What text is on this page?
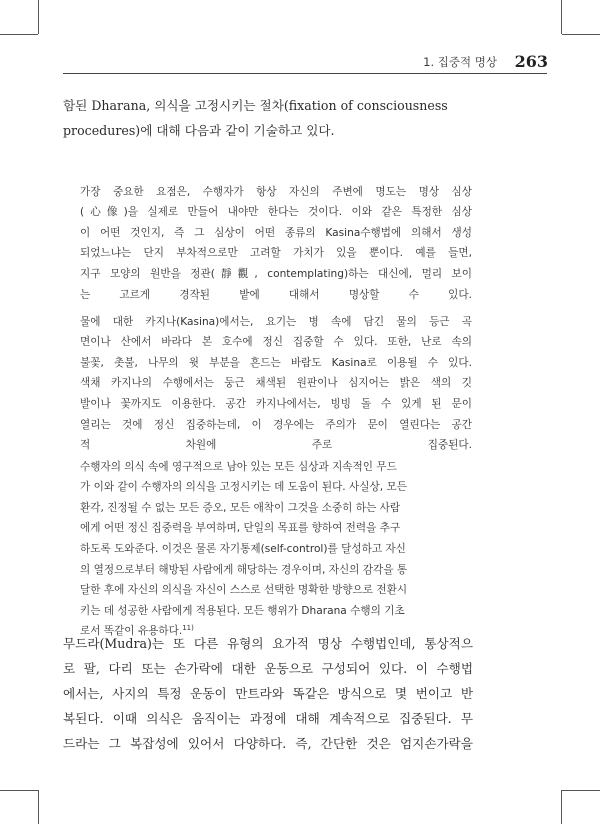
1. 집중적 명상 263

함된 Dharana, 의식을 고정시키는 절차(fixation of consciousness
procedures)에 대해 다음과 같이 기술하고 있다.

가장 중요한 요점은, 수행자가 항상 자신의 주변에 명도는 명상 심상
(心像)을 실제로 만들어 내야만 한다는 것이다. 이와 같은 특정한 심상
이 어떤 것인지, 즉 그 심상이 어떤 종류의 Kasina수행법에 의해서 생성
되었느냐는 단지 부차적으로만 고려할 가치가 있을 뿐이다. 예를 들면,
지구 모양의 원반을 정관(靜觀, contemplating)하는 대신에, 멀리 보이
는 고르게 경작된 밭에 대해서 명상할 수 있다.

물에 대한 카지나(Kasina)에서는, 요기는 병 속에 담긴 물의 등근 곡
면이나 산에서 바라다 본 호수에 정신 집중할 수 있다. 또한, 난로 속의
불꽃, 촛불, 나무의 윗 부분을 흔드는 바람도 Kasina로 이용될 수 있다.
색채 카지나의 수행에서는 둥근 채색된 원판이나 심지어는 밝은 색의 깃
발이나 꽃까지도 이용한다. 공간 카지나에서는, 빙빙 돌 수 있게 된 문이
열리는 것에 정신 집중하는데, 이 경우에는 주의가 문이 열린다는 공간
적 차원에 주로 집중된다.

수행자의 의식 속에 영구적으로 남아 있는 모든 심상과 지속적인 무드
가 이와 같이 수행자의 의식을 고정시키는 데 도움이 된다. 사실상, 모든
환각, 진정될 수 없는 모든 증오, 모든 애착이 그것을 소중히 하는 사람
에게 어떤 정신 집중력을 부여하며, 단일의 목표를 향하여 전력을 추구
하도록 도와준다. 이것은 물론 자기통제(self-control)를 달성하고 자신
의 열정으로부터 해방된 사람에게 해당하는 경우이며, 자신의 감각을 통
달한 후에 자신의 의식을 자신이 스스로 선택한 명확한 방향으로 전환시
키는 데 성공한 사람에게 적용된다. 모든 행위가 Dharana 수행의 기초
로서 똑같이 유용하다.$^{11)}$

무드라(Mudra)는 또 다른 유형의 요가적 명상 수행법인데, 통상적으
로 팔, 다리 또는 손가락에 대한 운동으로 구성되어 있다. 이 수행법
에서는, 사지의 특정 운동이 만트라와 똑같은 방식으로 몇 번이고 반
복된다. 이때 의식은 움직이는 과정에 대해 계속적으로 집중된다. 무
드라는 그 복잡성에 있어서 다양하다. 즉, 간단한 것은 엄지손가락을
